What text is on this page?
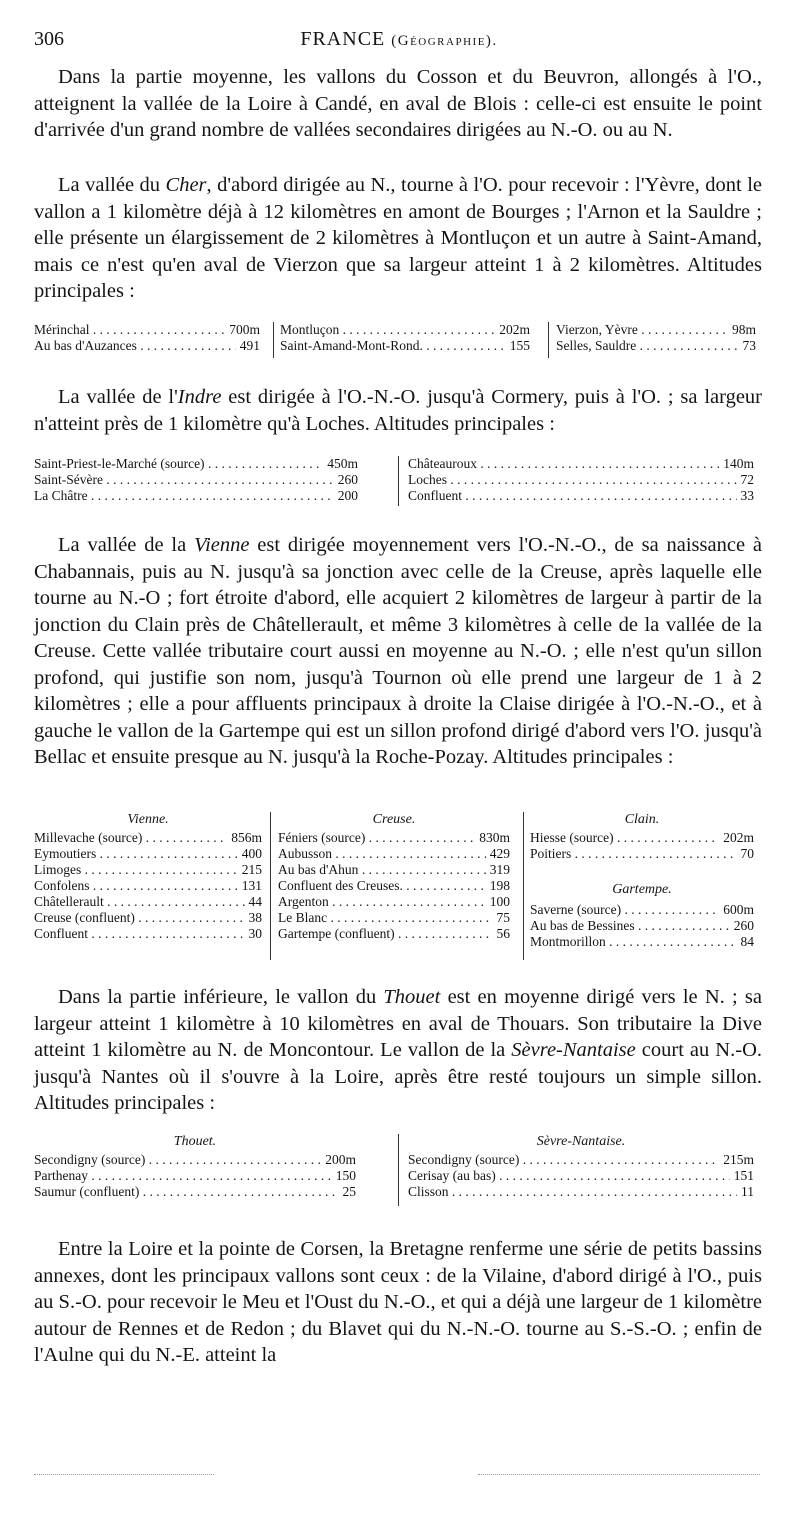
306	FRANCE (Géographie).

Dans la partie moyenne, les vallons du Cosson et du Beuvron, allongés à l'O., atteignent la vallée de la Loire à Candé, en aval de Blois : celle-ci est ensuite le point d'arrivée d'un grand nombre de vallées secondaires dirigées au N.-O. ou au N.

La vallée du Cher, d'abord dirigée au N., tourne à l'O. pour recevoir : l'Yèvre, dont le vallon a 1 kilomètre déjà à 12 kilomètres en amont de Bourges ; l'Arnon et la Sauldre ; elle présente un élargissement de 2 kilomètres à Montluçon et un autre à Saint-Amand, mais ce n'est qu'en aval de Vierzon que sa largeur atteint 1 à 2 kilomètres. Altitudes principales :

Mérinchal . . .	700m
Au bas d'Auzances . . .	491
Montluçon . . .	202m
Saint-Amand-Mont-Rond. . . .	155
Vierzon, Yèvre . . .	98m
Selles, Sauldre . . .	73

La vallée de l'Indre est dirigée à l'O.-N.-O. jusqu'à Cormery, puis à l'O. ; sa largeur n'atteint près de 1 kilomètre qu'à Loches. Altitudes principales :

Saint-Priest-le-Marché (source) . . .	450m
Saint-Sévère . . .	260
La Châtre . . .	200
Châteauroux . . .	140m
Loches . . .	72
Confluent . . .	33

La vallée de la Vienne est dirigée moyennement vers l'O.-N.-O., de sa naissance à Chabannais, puis au N. jusqu'à sa jonction avec celle de la Creuse, après laquelle elle tourne au N.-O ; fort étroite d'abord, elle acquiert 2 kilomètres de largeur à partir de la jonction du Clain près de Châtellerault, et même 3 kilomètres à celle de la vallée de la Creuse. Cette vallée tributaire court aussi en moyenne au N.-O. ; elle n'est qu'un sillon profond, qui justifie son nom, jusqu'à Tournon où elle prend une largeur de 1 à 2 kilomètres ; elle a pour affluents principaux à droite la Claise dirigée à l'O.-N.-O., et à gauche le vallon de la Gartempe qui est un sillon profond dirigé d'abord vers l'O. jusqu'à Bellac et ensuite presque au N. jusqu'à la Roche-Pozay. Altitudes principales :

Vienne.
Millevache (source) . . .	856m
Eymoutiers . . .	400
Limoges . . .	215
Confolens . . .	131
Châtellerault . . .	44
Creuse (confluent) . . .	38
Confluent . . .	30
Creuse.
Féniers (source) . . .	830m
Aubusson . . .	429
Au bas d'Ahun . . .	319
Confluent des Creuses. . . .	198
Argenton . . .	100
Le Blanc . . .	75
Gartempe (confluent) . . .	56
Clain.
Hiesse (source) . . .	202m
Poitiers . . .	70
Gartempe.
Saverne (source) . . .	600m
Au bas de Bessines . . .	260
Montmorillon . . .	84

Dans la partie inférieure, le vallon du Thouet est en moyenne dirigé vers le N. ; sa largeur atteint 1 kilomètre à 10 kilomètres en aval de Thouars. Son tributaire la Dive atteint 1 kilomètre au N. de Moncontour. Le vallon de la Sèvre-Nantaise court au N.-O. jusqu'à Nantes où il s'ouvre à la Loire, après être resté toujours un simple sillon. Altitudes principales :

Thouet.
Secondigny (source) . . .	200m
Parthenay . . .	150
Saumur (confluent) . . .	25
Sèvre-Nantaise.
Secondigny (source) . . .	215m
Cerisay (au bas) . . .	151
Clisson . . .	11

Entre la Loire et la pointe de Corsen, la Bretagne renferme une série de petits bassins annexes, dont les principaux vallons sont ceux : de la Vilaine, d'abord dirigé à l'O., puis au S.-O. pour recevoir le Meu et l'Oust du N.-O., et qui a déjà une largeur de 1 kilomètre autour de Rennes et de Redon ; du Blavet qui du N.-N.-O. tourne au S.-S.-O. ; enfin de l'Aulne qui du N.-E. atteint la
